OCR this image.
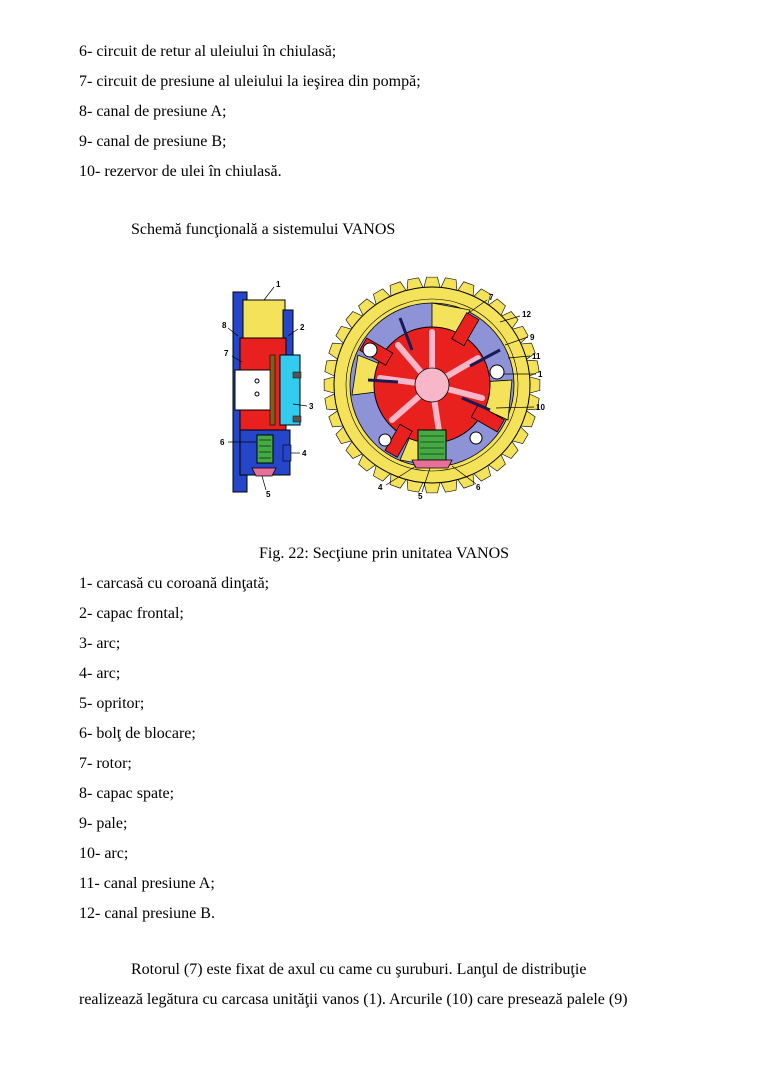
6- circuit de retur al uleiului în chiulasă;
7- circuit de presiune al uleiului la ieşirea din pompă;
8- canal de presiune A;
9- canal de presiune B;
10- rezervor de ulei în chiulasă.
Schemă funcţională a sistemului VANOS
1
2
8
7
3
6
4
5
7
12
9
11
1
10
4
5
6
Fig. 22: Secţiune prin unitatea VANOS
1- carcasă cu coroană dinţată;
2- capac frontal;
3- arc;
4- arc;
5- opritor;
6- bolţ de blocare;
7- rotor;
8- capac spate;
9- pale;
10- arc;
11- canal presiune A;
12- canal presiune B.
Rotorul (7) este fixat de axul cu came cu şuruburi. Lanţul de distribuţie
realizează legătura cu carcasa unităţii vanos (1). Arcurile (10) care presează palele (9)
